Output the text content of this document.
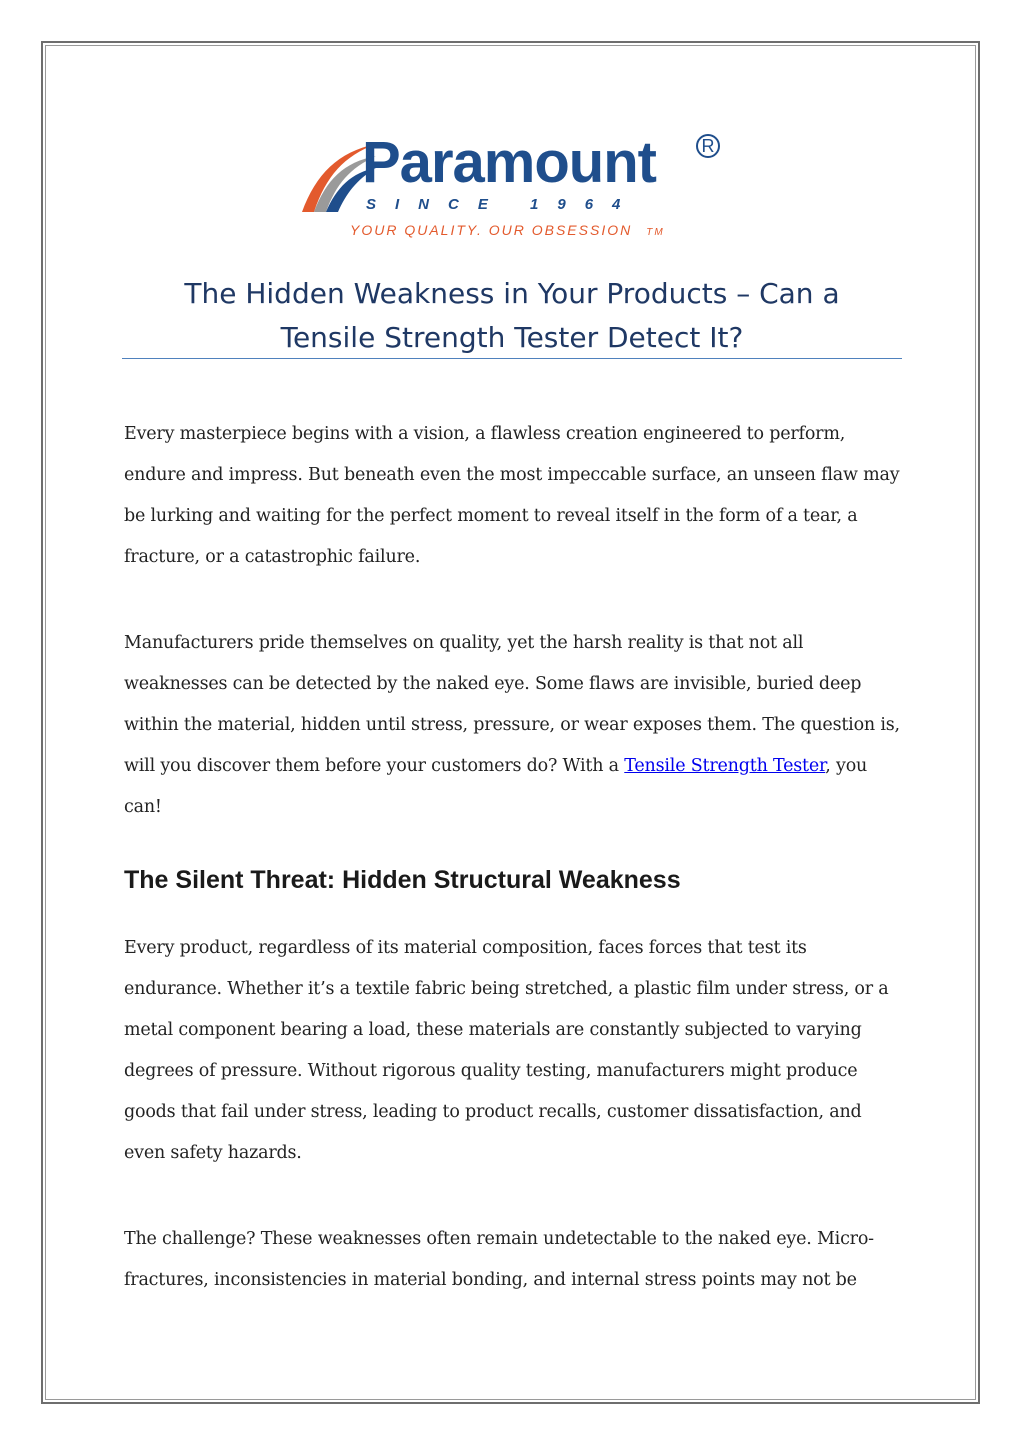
Paramount	R
SINCE 1964
YOUR QUALITY. OUR OBSESSION TM
The Hidden Weakness in Your Products – Can a
Tensile Strength Tester Detect It?

Every masterpiece begins with a vision, a flawless creation engineered to perform, endure and impress. But beneath even the most impeccable surface, an unseen flaw may be lurking and waiting for the perfect moment to reveal itself in the form of a tear, a fracture, or a catastrophic failure.

Manufacturers pride themselves on quality, yet the harsh reality is that not all weaknesses can be detected by the naked eye. Some flaws are invisible, buried deep within the material, hidden until stress, pressure, or wear exposes them. The question is, will you discover them before your customers do? With a Tensile Strength Tester, you can!

The Silent Threat: Hidden Structural Weakness

Every product, regardless of its material composition, faces forces that test its endurance. Whether it’s a textile fabric being stretched, a plastic film under stress, or a metal component bearing a load, these materials are constantly subjected to varying degrees of pressure. Without rigorous quality testing, manufacturers might produce goods that fail under stress, leading to product recalls, customer dissatisfaction, and even safety hazards.

The challenge? These weaknesses often remain undetectable to the naked eye. Micro-fractures, inconsistencies in material bonding, and internal stress points may not be
